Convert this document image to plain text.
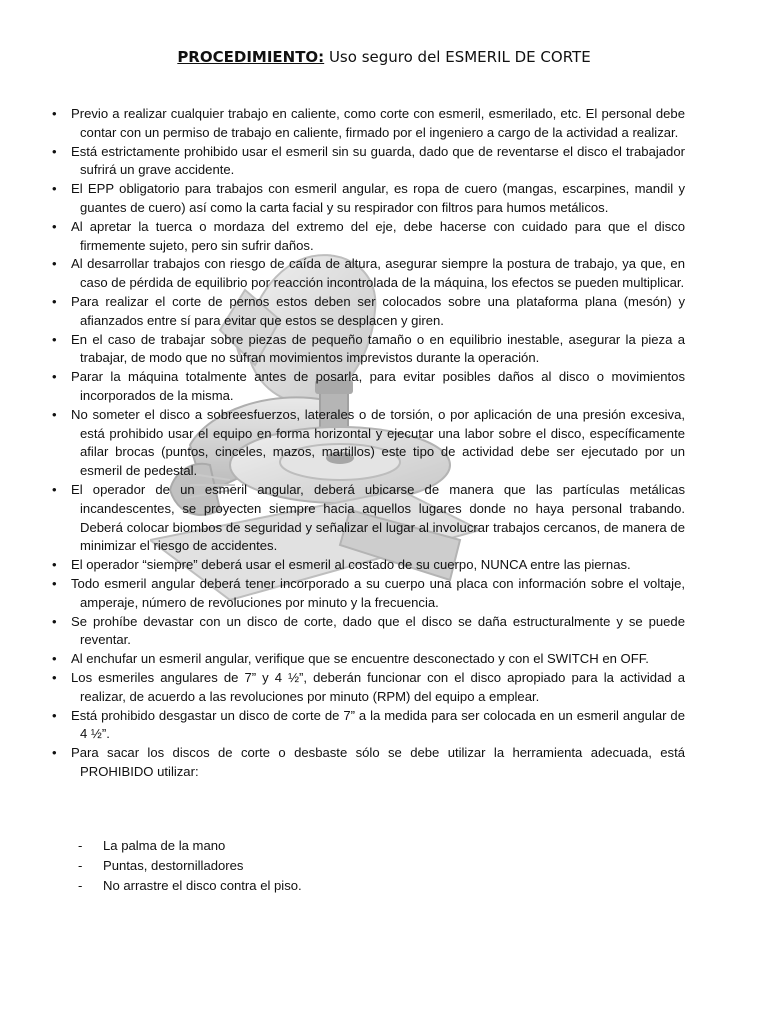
PROCEDIMIENTO: Uso seguro del ESMERIL DE CORTE
•	Previo a realizar cualquier trabajo en caliente, como corte con esmeril, esmerilado, etc. El personal debe contar con un permiso de trabajo en caliente, firmado por el ingeniero a cargo de la actividad a realizar.
•	Está estrictamente prohibido usar el esmeril sin su guarda, dado que de reventarse el disco el trabajador sufrirá un grave accidente.
•	El EPP obligatorio para trabajos con esmeril angular, es ropa de cuero (mangas, escarpines, mandil y guantes de cuero) así como la carta facial y su respirador con filtros para humos metálicos.
•	Al apretar la tuerca o mordaza del extremo del eje, debe hacerse con cuidado para que el disco firmemente sujeto, pero sin sufrir daños.
•	Al desarrollar trabajos con riesgo de caída de altura, asegurar siempre la postura de trabajo, ya que, en caso de pérdida de equilibrio por reacción incontrolada de la máquina, los efectos se pueden multiplicar.
•	Para realizar el corte de pernos estos deben ser colocados sobre una plataforma plana (mesón) y afianzados entre sí para evitar que estos se desplacen y giren.
•	En el caso de trabajar sobre piezas de pequeño tamaño o en equilibrio inestable, asegurar la pieza a trabajar, de modo que no sufran movimientos imprevistos durante la operación.
•	Parar la máquina totalmente antes de posarla, para evitar posibles daños al disco o movimientos incorporados de la misma.
•	No someter el disco a sobreesfuerzos, laterales o de torsión, o por aplicación de una presión excesiva, está prohibido usar el equipo en forma horizontal y ejecutar una labor sobre el disco, específicamente afilar brocas (puntos, cinceles, mazos, martillos) este tipo de actividad debe ser ejecutado por un esmeril de pedestal.
•	El operador de un esmeril angular, deberá ubicarse de manera que las partículas metálicas incandescentes, se proyecten siempre hacia aquellos lugares donde no haya personal trabando. Deberá colocar biombos de seguridad y señalizar el lugar al involucrar trabajos cercanos, de manera de minimizar el riesgo de accidentes.
•	El operador “siempre” deberá usar el esmeril al costado de su cuerpo, NUNCA entre las piernas.
•	Todo esmeril angular deberá tener incorporado a su cuerpo una placa con información sobre el voltaje, amperaje, número de revoluciones por minuto y la frecuencia.
•	Se prohíbe devastar con un disco de corte, dado que el disco se daña estructuralmente y se puede reventar.
•	Al enchufar un esmeril angular, verifique que se encuentre desconectado y con el SWITCH en OFF.
•	Los esmeriles angulares de 7” y 4 ½”, deberán funcionar con el disco apropiado para la actividad a realizar, de acuerdo a las revoluciones por minuto (RPM) del equipo a emplear.
•	Está prohibido desgastar un disco de corte de 7” a la medida para ser colocada en un esmeril angular de 4 ½”.
•	Para sacar los discos de corte o desbaste sólo se debe utilizar la herramienta adecuada, está PROHIBIDO utilizar:
- La palma de la mano
- Puntas, destornilladores
- No arrastre el disco contra el piso.
